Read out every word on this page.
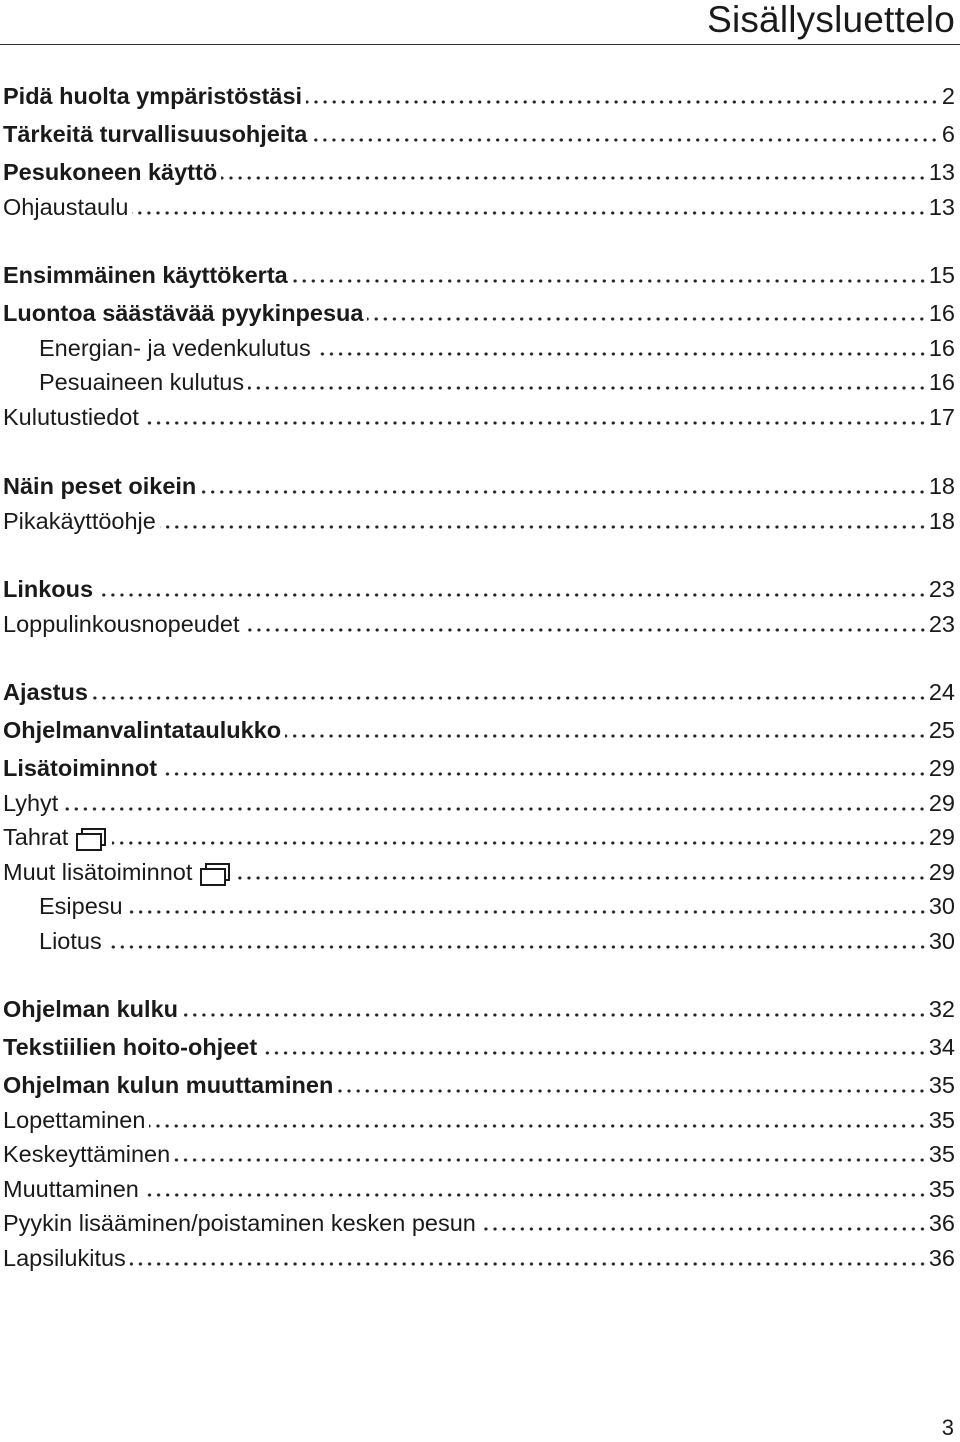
Sisällysluettelo
Pidä huolta ympäristöstäsi	2
Tärkeitä turvallisuusohjeita	6
Pesukoneen käyttö	13
Ohjaustaulu	13
Ensimmäinen käyttökerta	15
Luontoa säästävää pyykinpesua	16
Energian- ja vedenkulutus	16
Pesuaineen kulutus	16
Kulutustiedot	17
Näin peset oikein	18
Pikakäyttöohje	18
Linkous	23
Loppulinkousnopeudet	23
Ajastus	24
Ohjelmanvalintataulukko	25
Lisätoiminnot	29
Lyhyt	29
Tahrat	29
Muut lisätoiminnot	29
Esipesu	30
Liotus	30
Ohjelman kulku	32
Tekstiilien hoito-ohjeet	34
Ohjelman kulun muuttaminen	35
Lopettaminen	35
Keskeyttäminen	35
Muuttaminen	35
Pyykin lisääminen/poistaminen kesken pesun	36
Lapsilukitus	36
3
